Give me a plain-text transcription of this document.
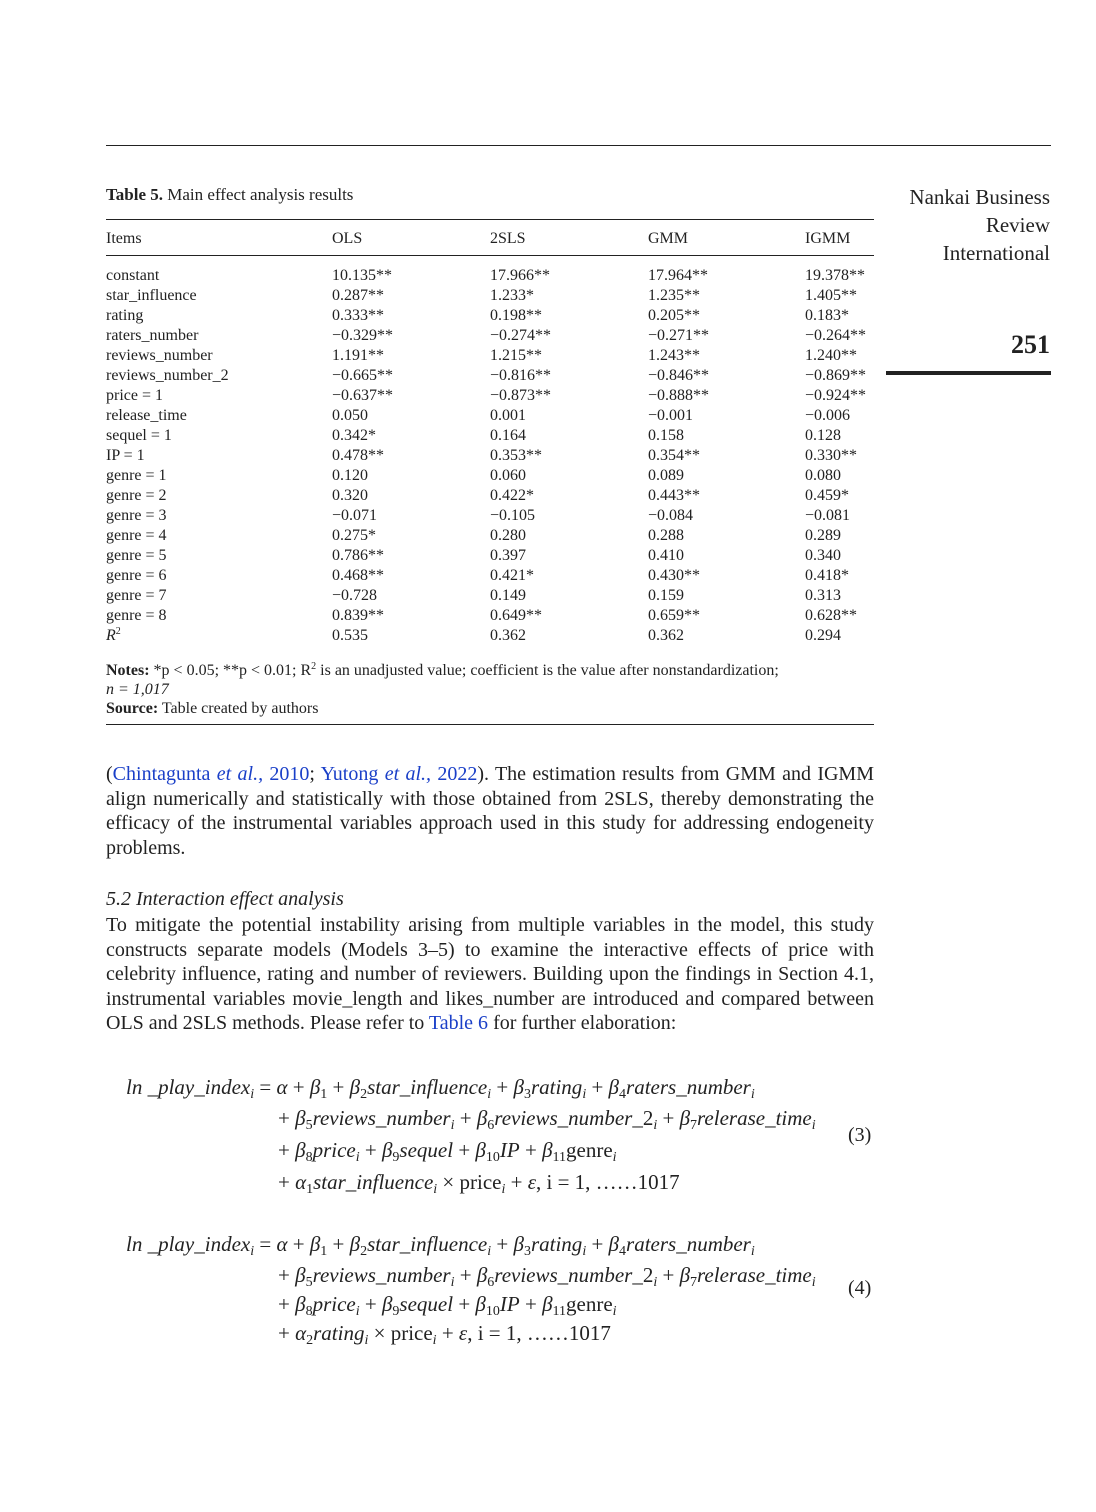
Nankai Business
Review
International
251
Table 5. Main effect analysis results
Items	OLS	2SLS	GMM	IGMM
constant	10.135**	17.966**	17.964**	19.378**
star_influence	0.287**	1.233*	1.235**	1.405**
rating	0.333**	0.198**	0.205**	0.183*
raters_number	−0.329**	−0.274**	−0.271**	−0.264**
reviews_number	1.191**	1.215**	1.243**	1.240**
reviews_number_2	−0.665**	−0.816**	−0.846**	−0.869**
price = 1	−0.637**	−0.873**	−0.888**	−0.924**
release_time	0.050	0.001	−0.001	−0.006
sequel = 1	0.342*	0.164	0.158	0.128
IP = 1	0.478**	0.353**	0.354**	0.330**
genre = 1	0.120	0.060	0.089	0.080
genre = 2	0.320	0.422*	0.443**	0.459*
genre = 3	−0.071	−0.105	−0.084	−0.081
genre = 4	0.275*	0.280	0.288	0.289
genre = 5	0.786**	0.397	0.410	0.340
genre = 6	0.468**	0.421*	0.430**	0.418*
genre = 7	−0.728	0.149	0.159	0.313
genre = 8	0.839**	0.649**	0.659**	0.628**
$R^2$	0.535	0.362	0.362	0.294
Notes: *p < 0.05; **p < 0.01; $R^2$ is an unadjusted value; coefficient is the value after nonstandardization;
n = 1,017
Source: Table created by authors
(Chintagunta et al., 2010; Yutong et al., 2022). The estimation results from GMM and IGMM align numerically and statistically with those obtained from 2SLS, thereby demonstrating the efficacy of the instrumental variables approach used in this study for addressing endogeneity problems.
5.2 Interaction effect analysis
To mitigate the potential instability arising from multiple variables in the model, this study constructs separate models (Models 3–5) to examine the interactive effects of price with celebrity influence, rating and number of reviewers. Building upon the findings in Section 4.1, instrumental variables movie_length and likes_number are introduced and compared between OLS and 2SLS methods. Please refer to Table 6 for further elaboration:
ln _play_index$_i$ = $\alpha + \beta_1$ + $\beta_2star\_influence_i$ + $\beta_3rating_i$ + $\beta_4raters\_number_i$
+ $\beta_5reviews\_number_i$ + $\beta_6reviews\_number\_2_i$ + $\beta_7relerase\_time_i$
+ $\beta_8price_i$ + $\beta_9sequel + \beta_{10}IP$ + $\beta_{11}genre_i$
+ $\alpha_1star\_influence_i$ × price$_i$ + ε, i = 1, ……1017
(3)
ln _play_index$_i$ = $\alpha + \beta_1$ + $\beta_2star\_influence_i$ + $\beta_3rating_i$ + $\beta_4raters\_number_i$
+ $\beta_5reviews\_number_i$ + $\beta_6reviews\_number\_2_i$ + $\beta_7relerase\_time_i$
+ $\beta_8price_i$ + $\beta_9sequel + \beta_{10}IP$ + $\beta_{11}genre_i$
+ $\alpha_2rating_i$ × price$_i$ + ε, i = 1, ……1017
(4)
